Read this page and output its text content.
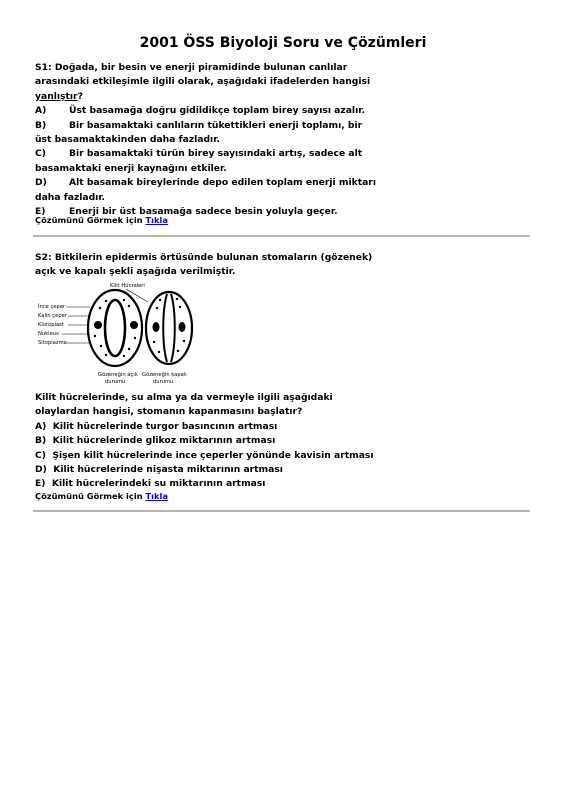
2001 ÖSS Biyoloji Soru ve Çözümleri
S1: Doğada, bir besin ve enerji piramidinde bulunan canlılar
arasındaki etkileşimle ilgili olarak, aşağıdaki ifadelerden hangisi
yanlıştır?
A)	Üst basamağa doğru gidildikçe toplam birey sayısı azalır.
B)	Bir basamaktaki canlıların tükettikleri enerji toplamı, bir
üst basamaktakinden daha fazladır.
C)	Bir basamaktaki türün birey sayısındaki artış, sadece alt
basamaktaki enerji kaynağını etkiler.
D)	Alt basamak bireylerinde depo edilen toplam enerji miktarı
daha fazladır.
E)	Enerji bir üst basamağa sadece besin yoluyla geçer.
Çözümünü Görmek için Tıkla
S2: Bitkilerin epidermis örtüsünde bulunan stomaların (gözenek)
açık ve kapalı şekli aşağıda verilmiştir.
Kilit Hücreleri
İnce çeper
Kalın çeper
Kloroplast
Nukleus
Sitoplazma
Gözeneğin açık
durumu
Gözeneğin kapalı
durumu
Kilit hücrelerinde, su alma ya da vermeyle ilgili aşağıdaki
olaylardan hangisi, stomanın kapanmasını başlatır?
A) Kilit hücrelerinde turgor basıncının artması
B) Kilit hücrelerinde glikoz miktarının artması
C) Şişen kilit hücrelerinde ince çeperler yönünde kavisin artması
D) Kilit hücrelerinde nişasta miktarının artması
E) Kilit hücrelerindeki su miktarının artması
Çözümünü Görmek için Tıkla
